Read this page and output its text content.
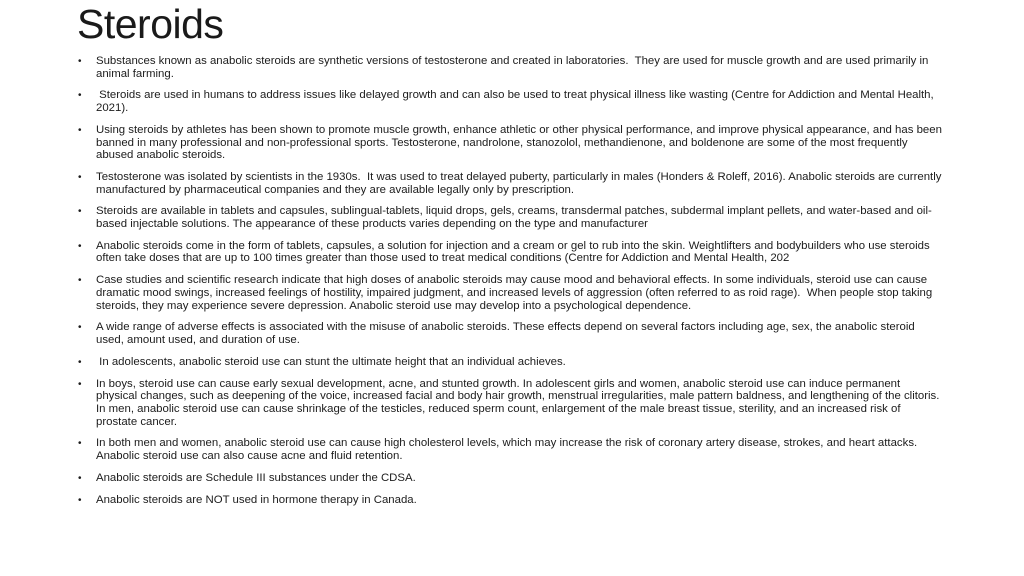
Steroids
•	Substances known as anabolic steroids are synthetic versions of testosterone and created in laboratories.  They are used for muscle growth and are used primarily in animal farming.
•	Steroids are used in humans to address issues like delayed growth and can also be used to treat physical illness like wasting (Centre for Addiction and Mental Health, 2021).
•	Using steroids by athletes has been shown to promote muscle growth, enhance athletic or other physical performance, and improve physical appearance, and has been banned in many professional and non-professional sports. Testosterone, nandrolone, stanozolol, methandienone, and boldenone are some of the most frequently abused anabolic steroids.
•	Testosterone was isolated by scientists in the 1930s.  It was used to treat delayed puberty, particularly in males (Honders & Roleff, 2016). Anabolic steroids are currently manufactured by pharmaceutical companies and they are available legally only by prescription.
•	Steroids are available in tablets and capsules, sublingual-tablets, liquid drops, gels, creams, transdermal patches, subdermal implant pellets, and water-based and oil-based injectable solutions. The appearance of these products varies depending on the type and manufacturer
•	Anabolic steroids come in the form of tablets, capsules, a solution for injection and a cream or gel to rub into the skin. Weightlifters and bodybuilders who use steroids often take doses that are up to 100 times greater than those used to treat medical conditions (Centre for Addiction and Mental Health, 202
•	Case studies and scientific research indicate that high doses of anabolic steroids may cause mood and behavioral effects. In some individuals, steroid use can cause dramatic mood swings, increased feelings of hostility, impaired judgment, and increased levels of aggression (often referred to as roid rage).  When people stop taking steroids, they may experience severe depression. Anabolic steroid use may develop into a psychological dependence.
•	A wide range of adverse effects is associated with the misuse of anabolic steroids. These effects depend on several factors including age, sex, the anabolic steroid used, amount used, and duration of use.
•	In adolescents, anabolic steroid use can stunt the ultimate height that an individual achieves.
•	In boys, steroid use can cause early sexual development, acne, and stunted growth. In adolescent girls and women, anabolic steroid use can induce permanent physical changes, such as deepening of the voice, increased facial and body hair growth, menstrual irregularities, male pattern baldness, and lengthening of the clitoris.  In men, anabolic steroid use can cause shrinkage of the testicles, reduced sperm count, enlargement of the male breast tissue, sterility, and an increased risk of prostate cancer.
•	In both men and women, anabolic steroid use can cause high cholesterol levels, which may increase the risk of coronary artery disease, strokes, and heart attacks. Anabolic steroid use can also cause acne and fluid retention.
•	Anabolic steroids are Schedule III substances under the CDSA.
•	Anabolic steroids are NOT used in hormone therapy in Canada.
